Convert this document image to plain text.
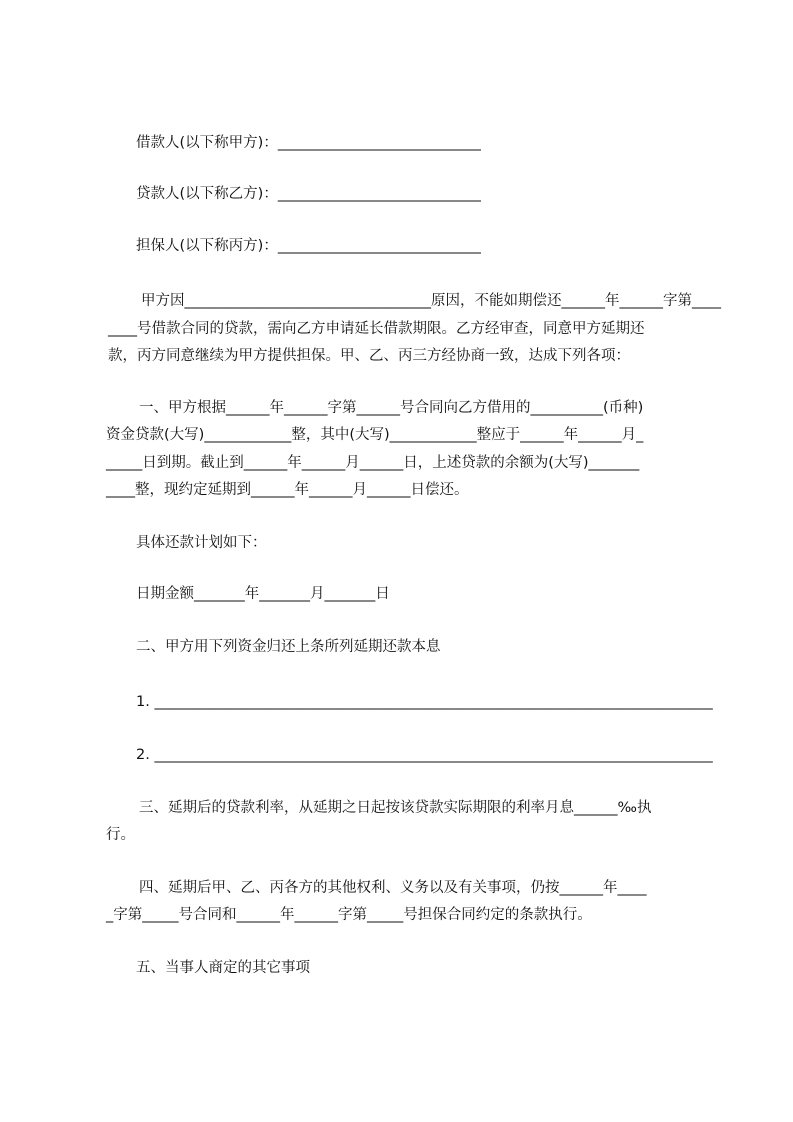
借款人(以下称甲方)：____________________________
贷款人(以下称乙方)：____________________________
担保人(以下称丙方)：____________________________
甲方因__________________________________原因，不能如期偿还______年______字第____
____号借款合同的贷款，需向乙方申请延长借款期限。乙方经审查，同意甲方延期还
款，丙方同意继续为甲方提供担保。甲、乙、丙三方经协商一致，达成下列各项：
一、甲方根据______年______字第______号合同向乙方借用的__________(币种)
资金贷款(大写)____________整，其中(大写)____________整应于______年______月_
_____日到期。截止到______年______月______日，上述贷款的余额为(大写)_______
____整，现约定延期到______年______月______日偿还。
具体还款计划如下：
日期金额_______年_______月_______日
二、甲方用下列资金归还上条所列延期还款本息
1. _____________________________________________________________________________
2. _____________________________________________________________________________
三、延期后的贷款利率，从延期之日起按该贷款实际期限的利率月息______‰执
行。
四、延期后甲、乙、丙各方的其他权利、义务以及有关事项，仍按______年____
_字第_____号合同和______年______字第_____号担保合同约定的条款执行。
五、当事人商定的其它事项
